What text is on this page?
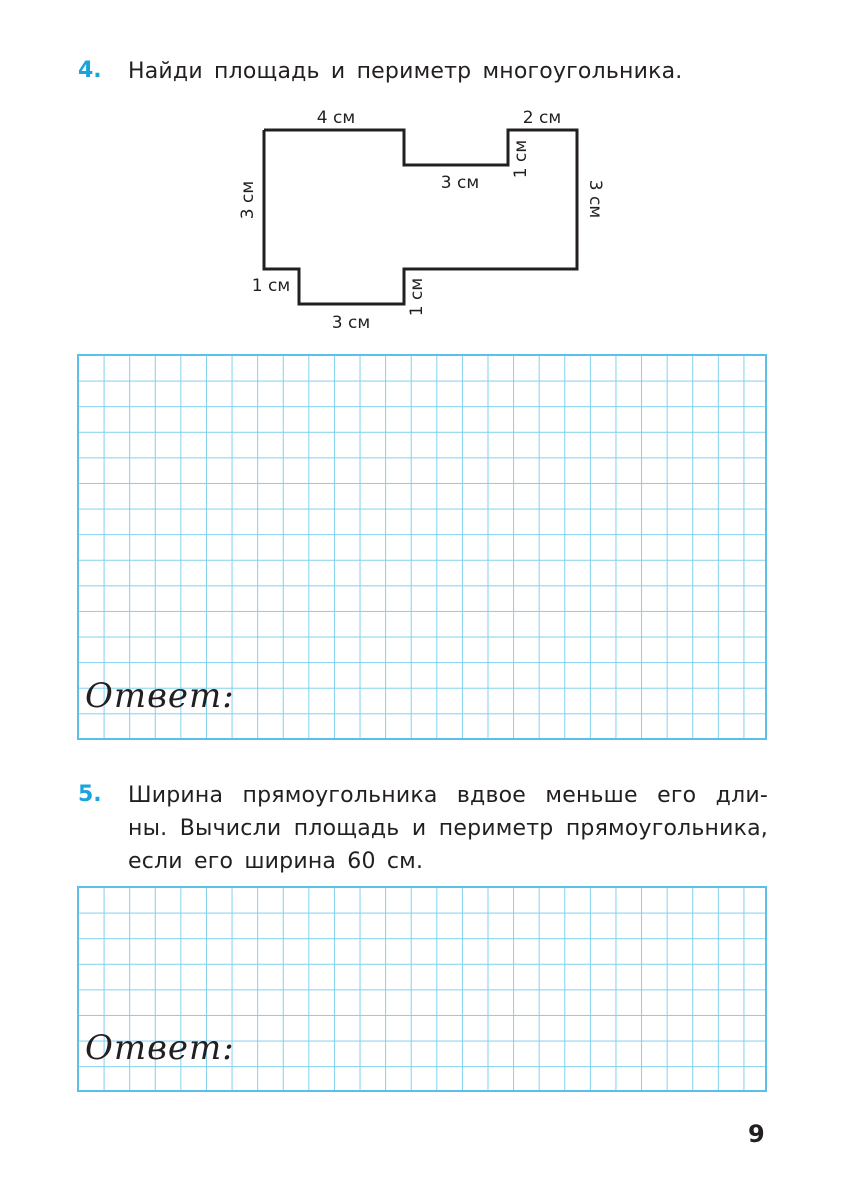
4. Найди площадь и периметр многоугольника.
4 см	2 см
3 см
1 см
3 см	3 см
1 см
3 см
1 см
Ответ:
5. Ширина прямоугольника вдвое меньше его дли-
ны. Вычисли площадь и периметр прямоугольника,
если его ширина 60 см.
Ответ:
9
